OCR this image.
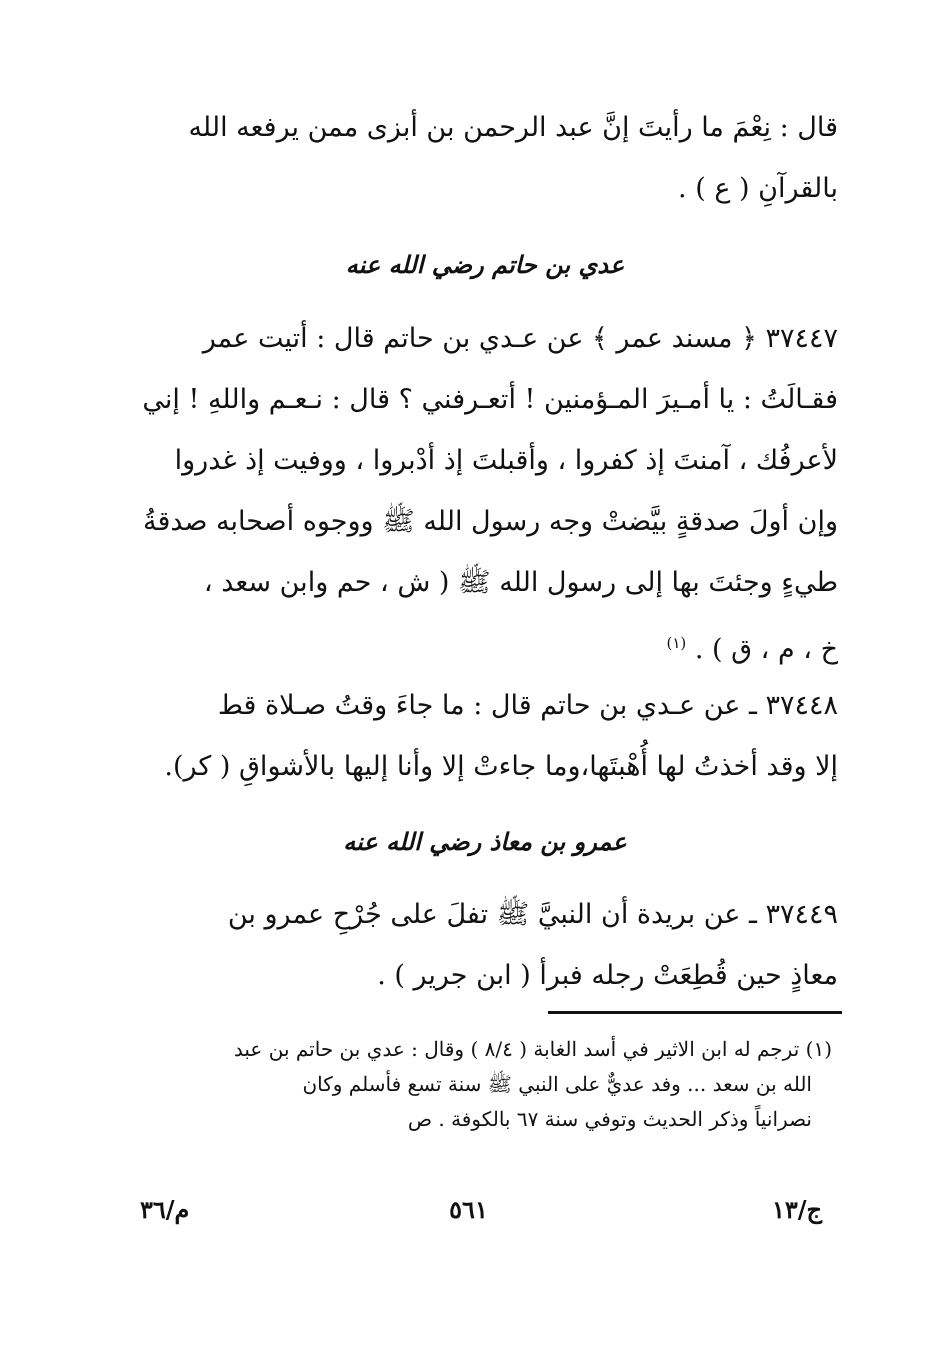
قال : نِعْمَ ما رأيتَ إنَّ عبد الرحمن بن أبزى ممن يرفعه الله
بالقرآنِ ( ع ) .
عدي بن حاتم رضي الله عنه
٣٧٤٤٧ ﴿ مسند عمر ﴾ عن عـدي بن حاتم قال : أتيت عمر
فقـالَتُ : يا أمـيرَ المـؤمنين ! أتعـرفني ؟ قال : نـعـم واللهِ ! إني
لأعرفُك ، آمنتَ إذ كفروا ، وأقبلتَ إذ أدْبروا ، ووفيت إذ غدروا
وإن أولَ صدقةٍ بيَّضتْ وجه رسول الله ﷺ ووجوه أصحابه صدقةُ
طيءٍ وجئتَ بها إلى رسول الله ﷺ ( ش ، حم وابن سعد ،
خ ، م ، ق ) . $^{(١)}$
٣٧٤٤٨ ـ عن عـدي بن حاتم قال : ما جاءَ وقتُ صـلاة قط
إلا وقد أخذتُ لها أُهْبتَها،وما جاءتْ إلا وأنا إليها بالأشواقِ ( كر).
عمرو بن معاذ رضي الله عنه
٣٧٤٤٩ ـ عن بريدة أن النبيَّ ﷺ تفلَ على جُرْحِ عمرو بن
معاذٍ حين قُطِعَتْ رجله فبرأ ( ابن جرير ) .
(١) ترجم له ابن الاثير في أسد الغابة ( ٨/٤ ) وقال : عدي بن حاتم بن عبد
الله بن سعد ... وفد عديٌّ على النبي ﷺ سنة تسع فأسلم وكان
نصرانياً وذكر الحديث وتوفي سنة ٦٧ بالكوفة . ص
ج/١٣
٥٦١
م/٣٦
